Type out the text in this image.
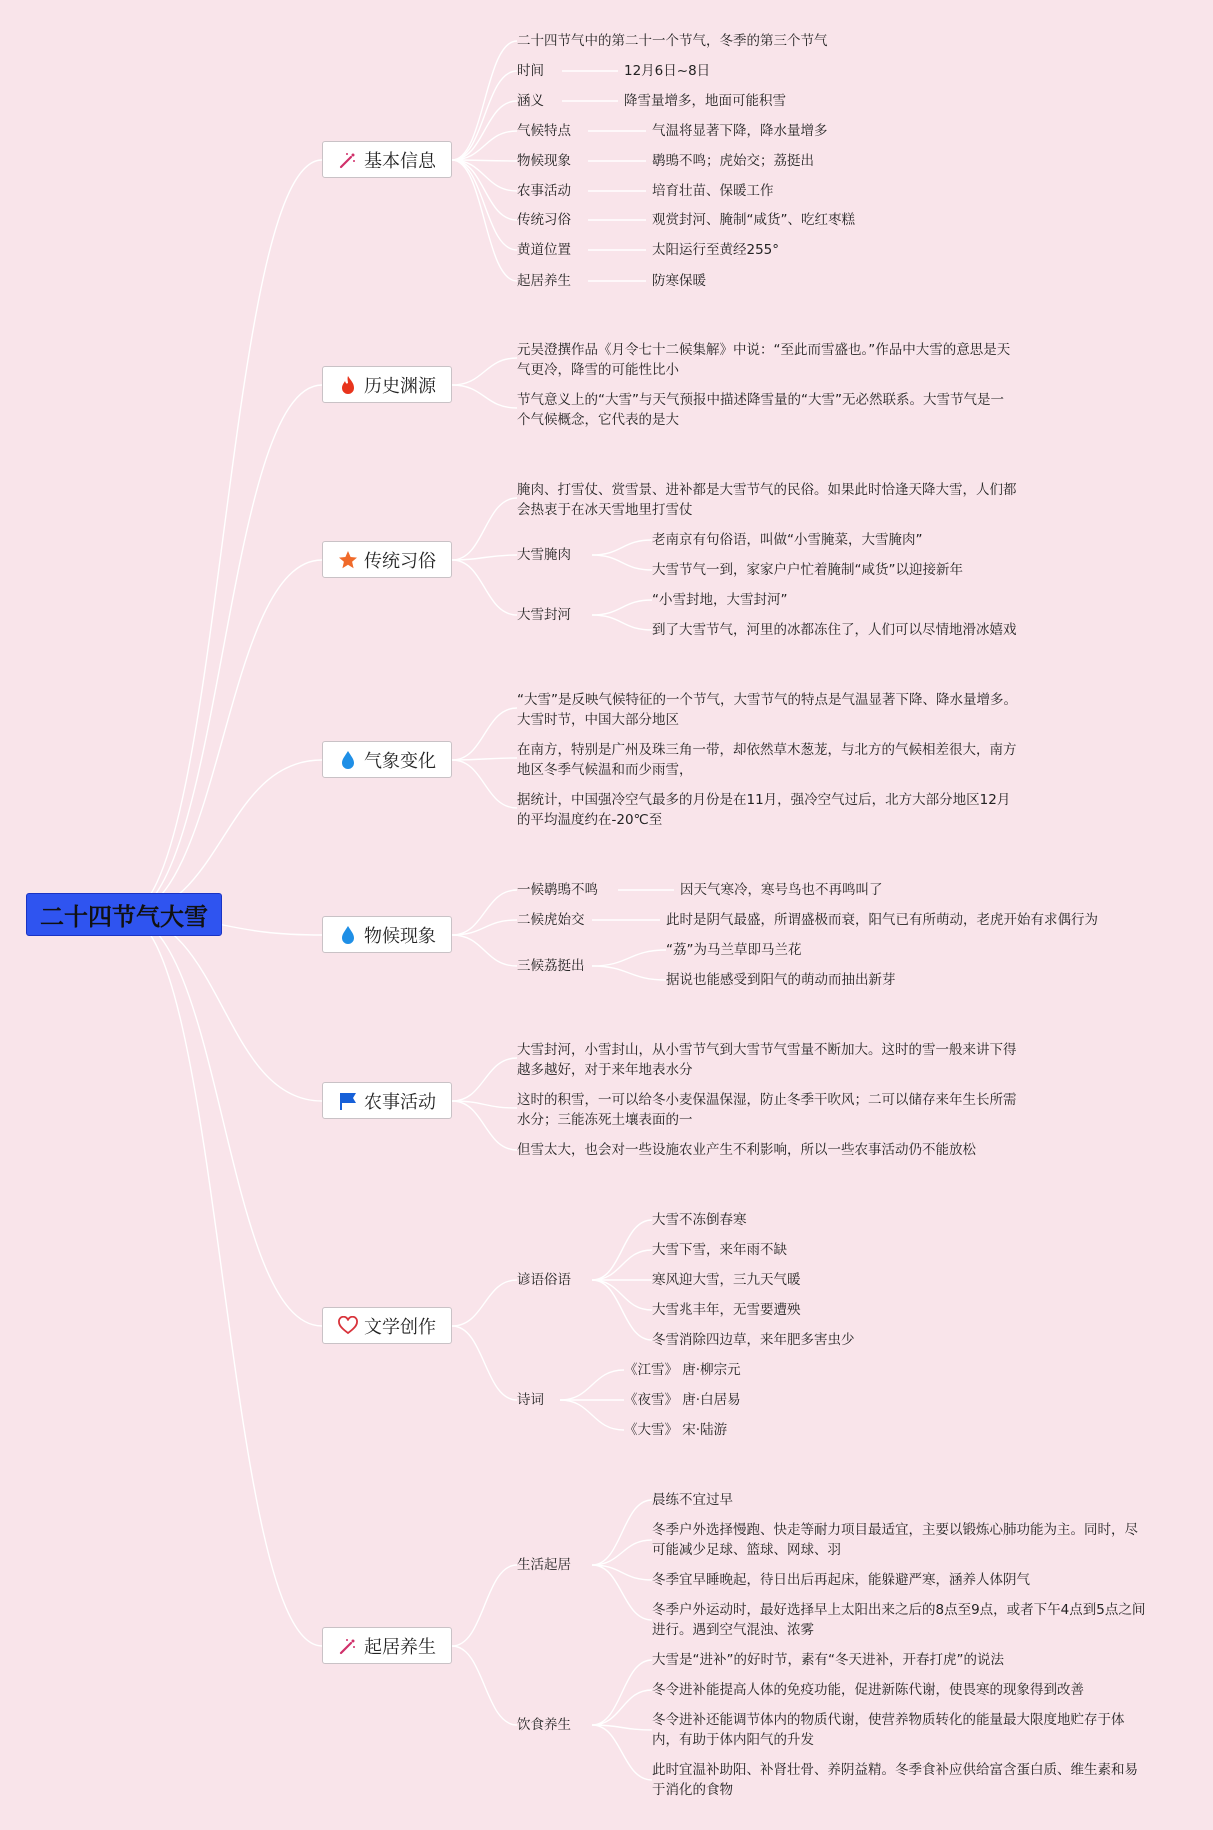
二十四节气大雪
基本信息
历史渊源
传统习俗
气象变化
物候现象
农事活动
文学创作
起居养生
二十四节气中的第二十一个节气，冬季的第三个节气
时间	12月6日~8日
涵义	降雪量增多，地面可能积雪
气候特点	气温将显著下降，降水量增多
物候现象	鹖鴠不鸣；虎始交；荔挺出
农事活动	培育壮苗、保暖工作
传统习俗	观赏封河、腌制“咸货”、吃红枣糕
黄道位置	太阳运行至黄经255°
起居养生	防寒保暖
元吴澄撰作品《月令七十二候集解》中说：“至此而雪盛也。”作品中大雪的意思是天气更冷，降雪的可能性比小
节气意义上的“大雪”与天气预报中描述降雪量的“大雪”无必然联系。大雪节气是一个气候概念，它代表的是大
腌肉、打雪仗、赏雪景、进补都是大雪节气的民俗。如果此时恰逢天降大雪，人们都会热衷于在冰天雪地里打雪仗
大雪腌肉
老南京有句俗语，叫做“小雪腌菜，大雪腌肉”
大雪节气一到，家家户户忙着腌制“咸货”以迎接新年
大雪封河
“小雪封地，大雪封河”
到了大雪节气，河里的冰都冻住了，人们可以尽情地滑冰嬉戏
“大雪”是反映气候特征的一个节气，大雪节气的特点是气温显著下降、降水量增多。大雪时节，中国大部分地区
在南方，特别是广州及珠三角一带，却依然草木葱茏，与北方的气候相差很大，南方地区冬季气候温和而少雨雪，
据统计，中国强冷空气最多的月份是在11月，强冷空气过后，北方大部分地区12月的平均温度约在-20℃至
一候鹖鴠不鸣	因天气寒冷，寒号鸟也不再鸣叫了
二候虎始交	此时是阴气最盛，所谓盛极而衰，阳气已有所萌动，老虎开始有求偶行为
三候荔挺出
“荔”为马兰草即马兰花
据说也能感受到阳气的萌动而抽出新芽
大雪封河，小雪封山，从小雪节气到大雪节气雪量不断加大。这时的雪一般来讲下得越多越好，对于来年地表水分
这时的积雪，一可以给冬小麦保温保湿，防止冬季干吹风；二可以储存来年生长所需水分；三能冻死土壤表面的一
但雪太大，也会对一些设施农业产生不利影响，所以一些农事活动仍不能放松
谚语俗语
大雪不冻倒春寒
大雪下雪，来年雨不缺
寒风迎大雪，三九天气暖
大雪兆丰年，无雪要遭殃
冬雪消除四边草，来年肥多害虫少
诗词
《江雪》 唐·柳宗元
《夜雪》 唐·白居易
《大雪》 宋·陆游
生活起居
晨练不宜过早
冬季户外选择慢跑、快走等耐力项目最适宜，主要以锻炼心肺功能为主。同时，尽可能减少足球、篮球、网球、羽
冬季宜早睡晚起，待日出后再起床，能躲避严寒，涵养人体阴气
冬季户外运动时，最好选择早上太阳出来之后的8点至9点，或者下午4点到5点之间进行。遇到空气混浊、浓雾
饮食养生
大雪是“进补”的好时节，素有“冬天进补，开春打虎”的说法
冬令进补能提高人体的免疫功能，促进新陈代谢，使畏寒的现象得到改善
冬令进补还能调节体内的物质代谢，使营养物质转化的能量最大限度地贮存于体内，有助于体内阳气的升发
此时宜温补助阳、补肾壮骨、养阴益精。冬季食补应供给富含蛋白质、维生素和易于消化的食物
